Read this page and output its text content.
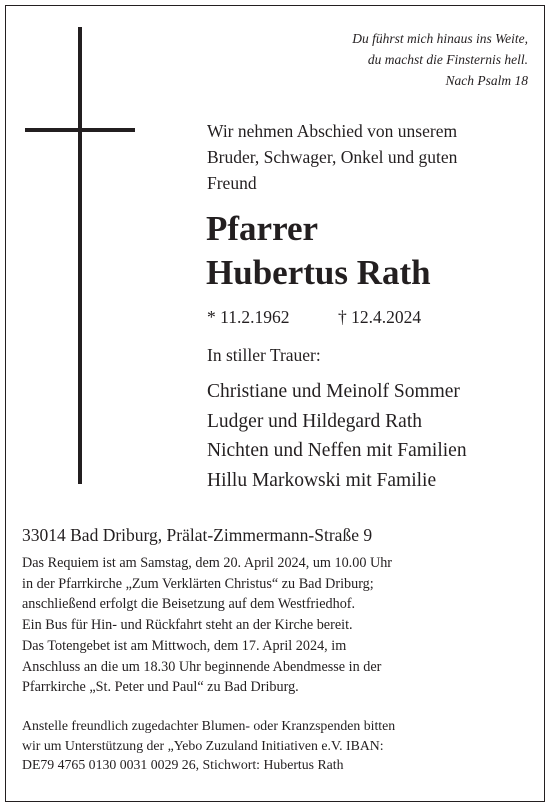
Du führst mich hinaus ins Weite,
du machst die Finsternis hell.
Nach Psalm 18
Wir nehmen Abschied von unserem
Bruder, Schwager, Onkel und guten
Freund
Pfarrer
Hubertus Rath
* 11.2.1962	† 12.4.2024
In stiller Trauer:
Christiane und Meinolf Sommer
Ludger und Hildegard Rath
Nichten und Neffen mit Familien
Hillu Markowski mit Familie
33014 Bad Driburg, Prälat-Zimmermann-Straße 9
Das Requiem ist am Samstag, dem 20. April 2024, um 10.00 Uhr
in der Pfarrkirche „Zum Verklärten Christus“ zu Bad Driburg;
anschließend erfolgt die Beisetzung auf dem Westfriedhof.
Ein Bus für Hin- und Rückfahrt steht an der Kirche bereit.
Das Totengebet ist am Mittwoch, dem 17. April 2024, im
Anschluss an die um 18.30 Uhr beginnende Abendmesse in der
Pfarrkirche „St. Peter und Paul“ zu Bad Driburg.
Anstelle freundlich zugedachter Blumen- oder Kranzspenden bitten
wir um Unterstützung der „Yebo Zuzuland Initiativen e.V. IBAN:
DE79 4765 0130 0031 0029 26, Stichwort: Hubertus Rath
